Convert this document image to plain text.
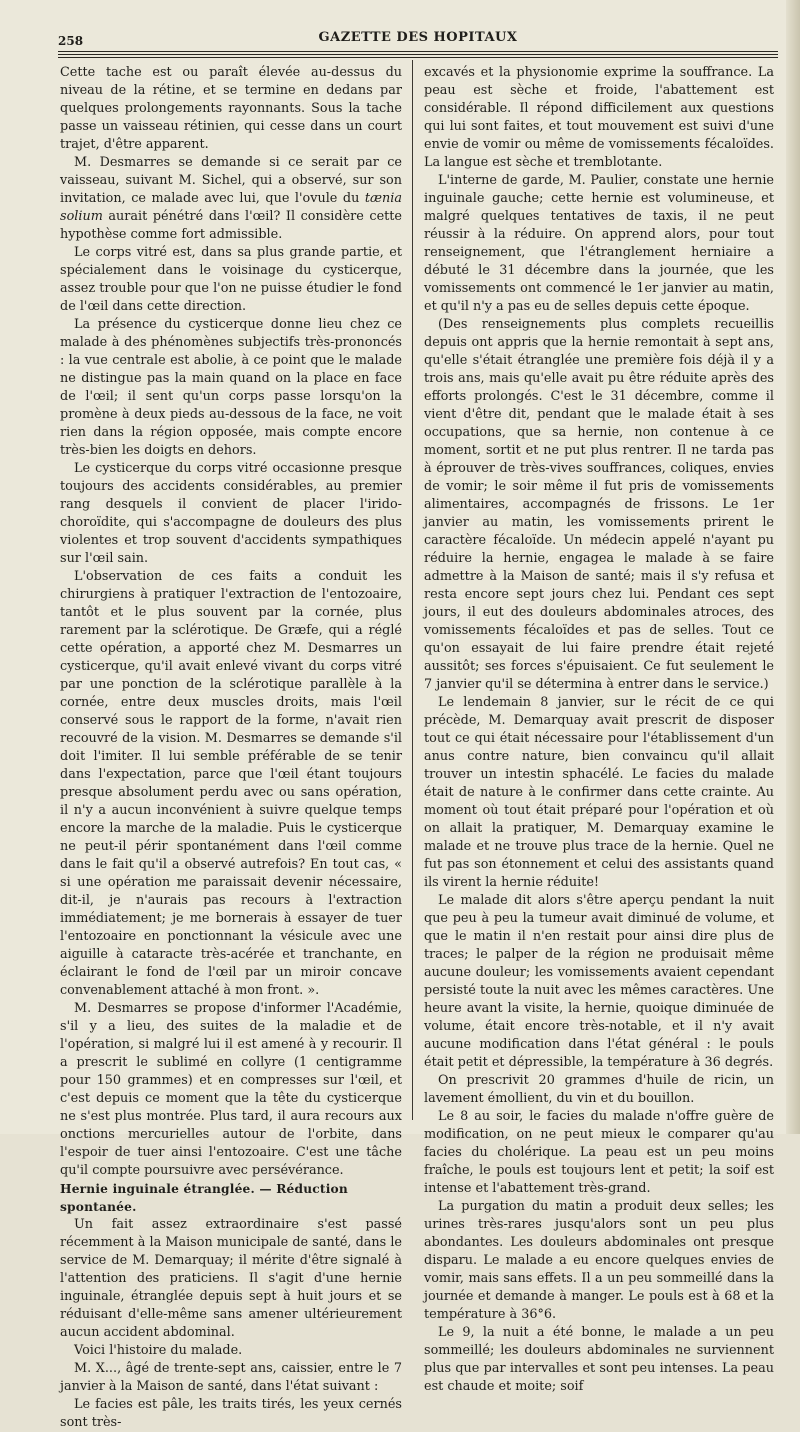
258	GAZETTE DES HOPITAUX

Cette tache est ou paraît élevée au-dessus du niveau de la rétine, et se termine en dedans par quelques prolongements rayonnants. Sous la tache passe un vaisseau rétinien, qui cesse dans un court trajet, d'être apparent.

M. Desmarres se demande si ce serait par ce vaisseau, suivant M. Sichel, qui a observé, sur son invitation, ce malade avec lui, que l'ovule du tænia solium aurait pénétré dans l'œil? Il considère cette hypothèse comme fort admissible.

Le corps vitré est, dans sa plus grande partie, et spécialement dans le voisinage du cysticerque, assez trouble pour que l'on ne puisse étudier le fond de l'œil dans cette direction.

La présence du cysticerque donne lieu chez ce malade à des phénomènes subjectifs très-prononcés : la vue centrale est abolie, à ce point que le malade ne distingue pas la main quand on la place en face de l'œil; il sent qu'un corps passe lorsqu'on la promène à deux pieds au-dessous de la face, ne voit rien dans la région opposée, mais compte encore très-bien les doigts en dehors.

Le cysticerque du corps vitré occasionne presque toujours des accidents considérables, au premier rang desquels il convient de placer l'irido-choroïdite, qui s'accompagne de douleurs des plus violentes et trop souvent d'accidents sympathiques sur l'œil sain.

L'observation de ces faits a conduit les chirurgiens à pratiquer l'extraction de l'entozoaire, tantôt et le plus souvent par la cornée, plus rarement par la sclérotique. De Græfe, qui a réglé cette opération, a apporté chez M. Desmarres un cysticerque, qu'il avait enlevé vivant du corps vitré par une ponction de la sclérotique parallèle à la cornée, entre deux muscles droits, mais l'œil conservé sous le rapport de la forme, n'avait rien recouvré de la vision. M. Desmarres se demande s'il doit l'imiter. Il lui semble préférable de se tenir dans l'expectation, parce que l'œil étant toujours presque absolument perdu avec ou sans opération, il n'y a aucun inconvénient à suivre quelque temps encore la marche de la maladie. Puis le cysticerque ne peut-il périr spontanément dans l'œil comme dans le fait qu'il a observé autrefois? En tout cas, « si une opération me paraissait devenir nécessaire, dit-il, je n'aurais pas recours à l'extraction immédiatement; je me bornerais à essayer de tuer l'entozoaire en ponctionnant la vésicule avec une aiguille à cataracte très-acérée et tranchante, en éclairant le fond de l'œil par un miroir concave convenablement attaché à mon front. ».

M. Desmarres se propose d'informer l'Académie, s'il y a lieu, des suites de la maladie et de l'opération, si malgré lui il est amené à y recourir. Il a prescrit le sublimé en collyre (1 centigramme pour 150 grammes) et en compresses sur l'œil, et c'est depuis ce moment que la tête du cysticerque ne s'est plus montrée. Plus tard, il aura recours aux onctions mercurielles autour de l'orbite, dans l'espoir de tuer ainsi l'entozoaire. C'est une tâche qu'il compte poursuivre avec persévérance.

Hernie inguinale étranglée. — Réduction spontanée.

Un fait assez extraordinaire s'est passé récemment à la Maison municipale de santé, dans le service de M. Demarquay; il mérite d'être signalé à l'attention des praticiens. Il s'agit d'une hernie inguinale, étranglée depuis sept à huit jours et se réduisant d'elle-même sans amener ultérieurement aucun accident abdominal.

Voici l'histoire du malade.

M. X..., âgé de trente-sept ans, caissier, entre le 7 janvier à la Maison de santé, dans l'état suivant :

Le facies est pâle, les traits tirés, les yeux cernés sont très-

excavés et la physionomie exprime la souffrance. La peau est sèche et froide, l'abattement est considérable. Il répond difficilement aux questions qui lui sont faites, et tout mouvement est suivi d'une envie de vomir ou même de vomissements fécaloïdes. La langue est sèche et tremblotante.

L'interne de garde, M. Paulier, constate une hernie inguinale gauche; cette hernie est volumineuse, et malgré quelques tentatives de taxis, il ne peut réussir à la réduire. On apprend alors, pour tout renseignement, que l'étranglement herniaire a débuté le 31 décembre dans la journée, que les vomissements ont commencé le 1er janvier au matin, et qu'il n'y a pas eu de selles depuis cette époque.

(Des renseignements plus complets recueillis depuis ont appris que la hernie remontait à sept ans, qu'elle s'était étranglée une première fois déjà il y a trois ans, mais qu'elle avait pu être réduite après des efforts prolongés. C'est le 31 décembre, comme il vient d'être dit, pendant que le malade était à ses occupations, que sa hernie, non contenue à ce moment, sortit et ne put plus rentrer. Il ne tarda pas à éprouver de très-vives souffrances, coliques, envies de vomir; le soir même il fut pris de vomissements alimentaires, accompagnés de frissons. Le 1er janvier au matin, les vomissements prirent le caractère fécaloïde. Un médecin appelé n'ayant pu réduire la hernie, engagea le malade à se faire admettre à la Maison de santé; mais il s'y refusa et resta encore sept jours chez lui. Pendant ces sept jours, il eut des douleurs abdominales atroces, des vomissements fécaloïdes et pas de selles. Tout ce qu'on essayait de lui faire prendre était rejeté aussitôt; ses forces s'épuisaient. Ce fut seulement le 7 janvier qu'il se détermina à entrer dans le service.)

Le lendemain 8 janvier, sur le récit de ce qui précède, M. Demarquay avait prescrit de disposer tout ce qui était nécessaire pour l'établissement d'un anus contre nature, bien convaincu qu'il allait trouver un intestin sphacélé. Le facies du malade était de nature à le confirmer dans cette crainte. Au moment où tout était préparé pour l'opération et où on allait la pratiquer, M. Demarquay examine le malade et ne trouve plus trace de la hernie. Quel ne fut pas son étonnement et celui des assistants quand ils virent la hernie réduite!

Le malade dit alors s'être aperçu pendant la nuit que peu à peu la tumeur avait diminué de volume, et que le matin il n'en restait pour ainsi dire plus de traces; le palper de la région ne produisait même aucune douleur; les vomissements avaient cependant persisté toute la nuit avec les mêmes caractères. Une heure avant la visite, la hernie, quoique diminuée de volume, était encore très-notable, et il n'y avait aucune modification dans l'état général : le pouls était petit et dépressible, la température à 36 degrés.

On prescrivit 20 grammes d'huile de ricin, un lavement émollient, du vin et du bouillon.

Le 8 au soir, le facies du malade n'offre guère de modification, on ne peut mieux le comparer qu'au facies du cholérique. La peau est un peu moins fraîche, le pouls est toujours lent et petit; la soif est intense et l'abattement très-grand.

La purgation du matin a produit deux selles; les urines très-rares jusqu'alors sont un peu plus abondantes. Les douleurs abdominales ont presque disparu. Le malade a eu encore quelques envies de vomir, mais sans effets. Il a un peu sommeillé dans la journée et demande à manger. Le pouls est à 68 et la température à 36°6.

Le 9, la nuit a été bonne, le malade a un peu sommeillé; les douleurs abdominales ne surviennent plus que par intervalles et sont peu intenses. La peau est chaude et moite; soif
